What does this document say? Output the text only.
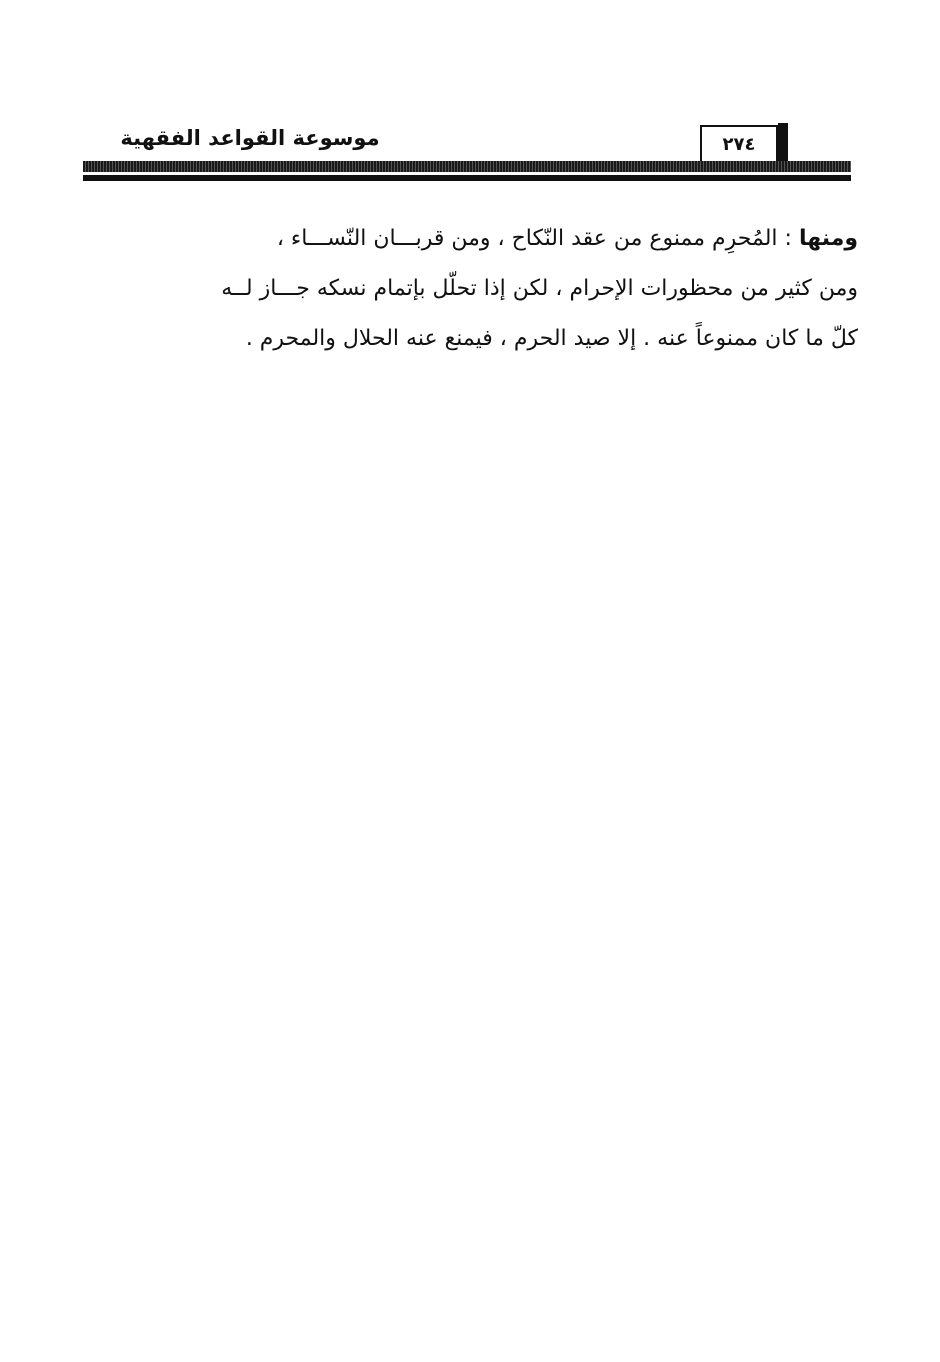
موسوعة القواعد الفقهية	٢٧٤
ومنها : المُحرِم ممنوع من عقد النّكاح ، ومن قربـــان النّســـاء ،
ومن كثير من محظورات الإحرام ، لكن إذا تحلّل بإتمام نسكه جـــاز لــه
كلّ ما كان ممنوعاً عنه . إلا صيد الحرم ، فيمنع عنه الحلال والمحرم .
